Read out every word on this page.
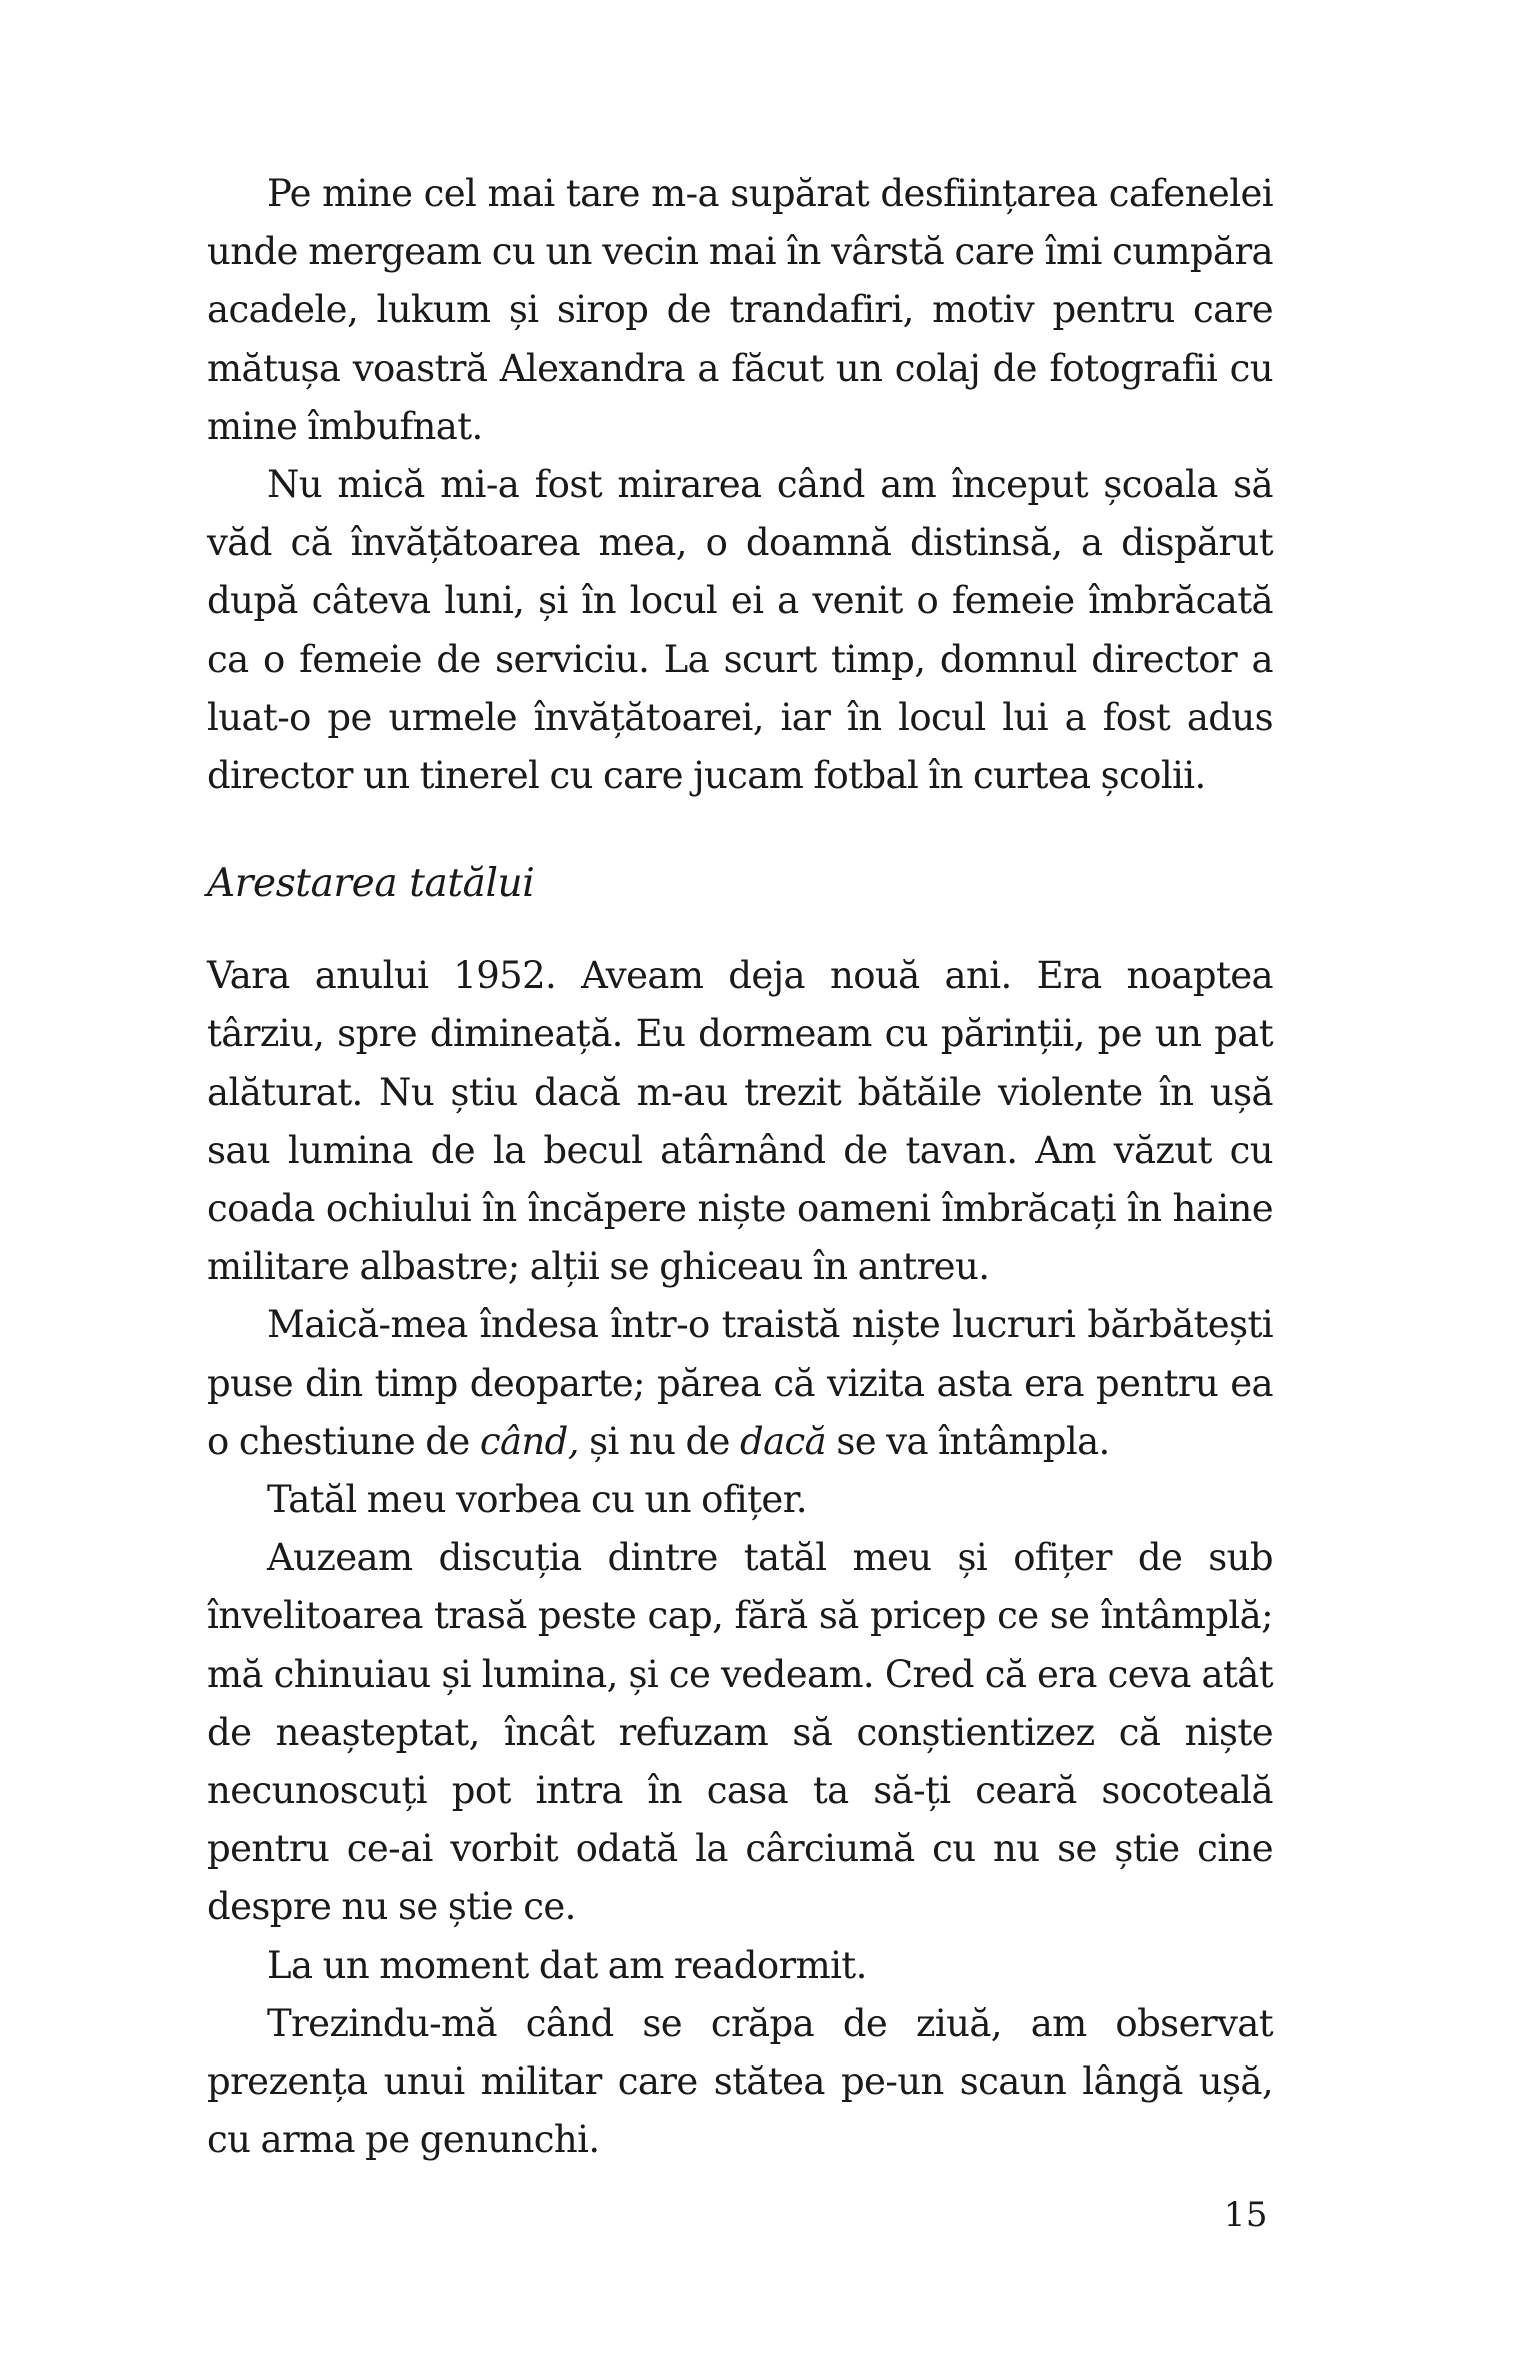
Pe mine cel mai tare m-a supărat desființarea cafenelei unde mergeam cu un vecin mai în vârstă care îmi cumpăra acadele, lukum și sirop de trandafiri, motiv pentru care mătușa voastră Alexandra a făcut un colaj de fotografii cu mine îmbufnat.

Nu mică mi-a fost mirarea când am început școala să văd că învățătoarea mea, o doamnă distinsă, a dispărut după câteva luni, și în locul ei a venit o femeie îmbrăcată ca o femeie de serviciu. La scurt timp, domnul director a luat-o pe urmele învățătoarei, iar în locul lui a fost adus director un tinerel cu care jucam fotbal în curtea școlii.

Arestarea tatălui

Vara anului 1952. Aveam deja nouă ani. Era noaptea târziu, spre dimineață. Eu dormeam cu părinții, pe un pat alăturat. Nu știu dacă m-au trezit bătăile violente în ușă sau lumina de la becul atârnând de tavan. Am văzut cu coada ochiului în încăpere niște oameni îmbrăcați în haine militare albastre; alții se ghiceau în antreu.

Maică-mea îndesa într-o traistă niște lucruri bărbătești puse din timp deoparte; părea că vizita asta era pentru ea o chestiune de când, și nu de dacă se va întâmpla.

Tatăl meu vorbea cu un ofițer.

Auzeam discuția dintre tatăl meu și ofițer de sub învelitoarea trasă peste cap, fără să pricep ce se întâmplă; mă chinuiau și lumina, și ce vedeam. Cred că era ceva atât de neașteptat, încât refuzam să conștientizez că niște necunoscuți pot intra în casa ta să-ți ceară socoteală pentru ce-ai vorbit odată la cârciumă cu nu se știe cine despre nu se știe ce.

La un moment dat am readormit.

Trezindu-mă când se crăpa de ziuă, am observat prezența unui militar care stătea pe-un scaun lângă ușă, cu arma pe genunchi.

15
